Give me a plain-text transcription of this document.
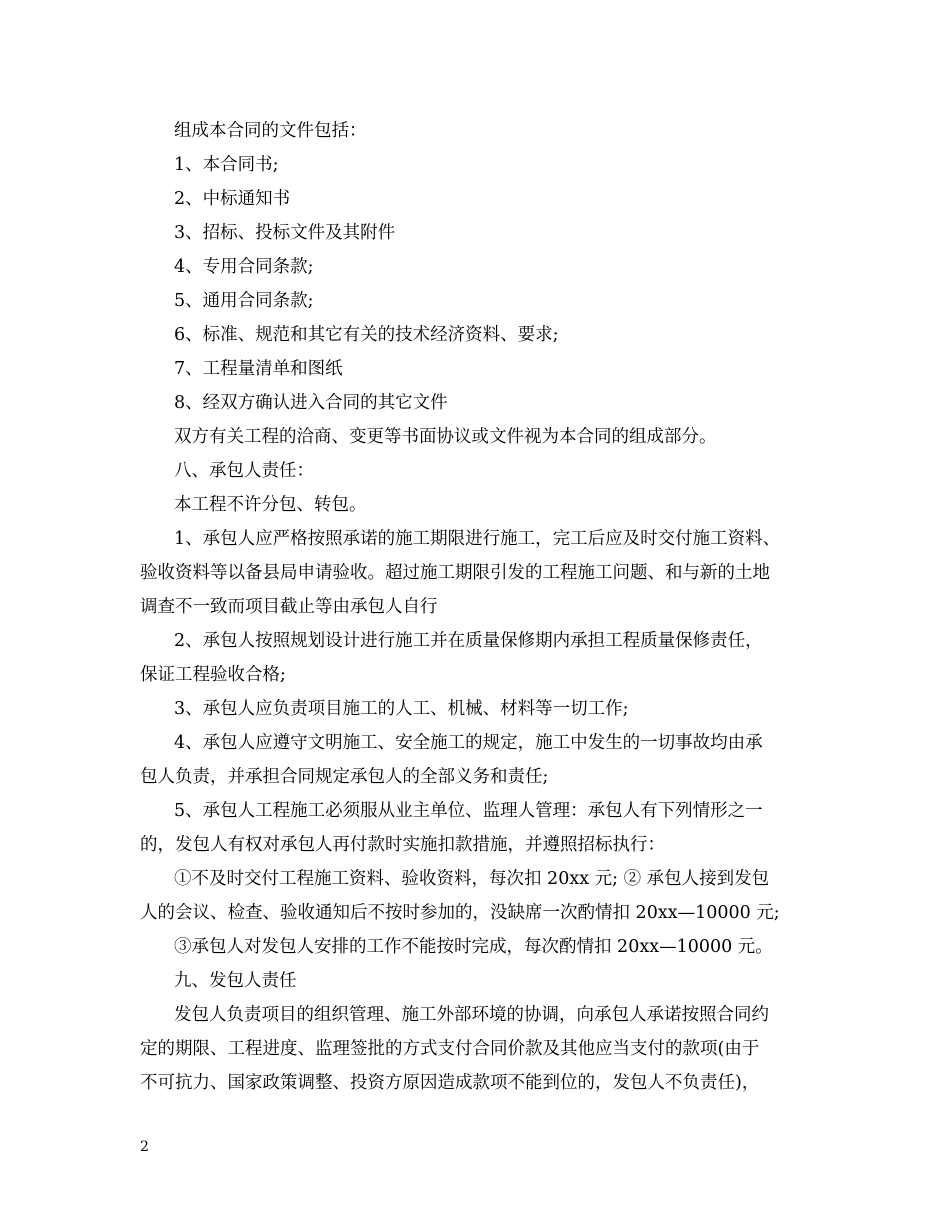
组成本合同的文件包括：
1、本合同书;
2、中标通知书
3、招标、投标文件及其附件
4、专用合同条款;
5、通用合同条款;
6、标准、规范和其它有关的技术经济资料、要求;
7、工程量清单和图纸
8、经双方确认进入合同的其它文件
双方有关工程的洽商、变更等书面协议或文件视为本合同的组成部分。
八、承包人责任：
本工程不许分包、转包。
1、承包人应严格按照承诺的施工期限进行施工，完工后应及时交付施工资料、
验收资料等以备县局申请验收。超过施工期限引发的工程施工问题、和与新的土地
调查不一致而项目截止等由承包人自行
2、承包人按照规划设计进行施工并在质量保修期内承担工程质量保修责任，
保证工程验收合格;
3、承包人应负责项目施工的人工、机械、材料等一切工作;
4、承包人应遵守文明施工、安全施工的规定，施工中发生的一切事故均由承
包人负责，并承担合同规定承包人的全部义务和责任;
5、承包人工程施工必须服从业主单位、监理人管理：承包人有下列情形之一
的，发包人有权对承包人再付款时实施扣款措施，并遵照招标执行：
①不及时交付工程施工资料、验收资料，每次扣 20xx 元; ② 承包人接到发包
人的会议、检查、验收通知后不按时参加的，没缺席一次酌情扣 20xx—10000 元;
③承包人对发包人安排的工作不能按时完成，每次酌情扣 20xx—10000 元。
九、发包人责任
发包人负责项目的组织管理、施工外部环境的协调，向承包人承诺按照合同约
定的期限、工程进度、监理签批的方式支付合同价款及其他应当支付的款项(由于
不可抗力、国家政策调整、投资方原因造成款项不能到位的，发包人不负责任)，
2
